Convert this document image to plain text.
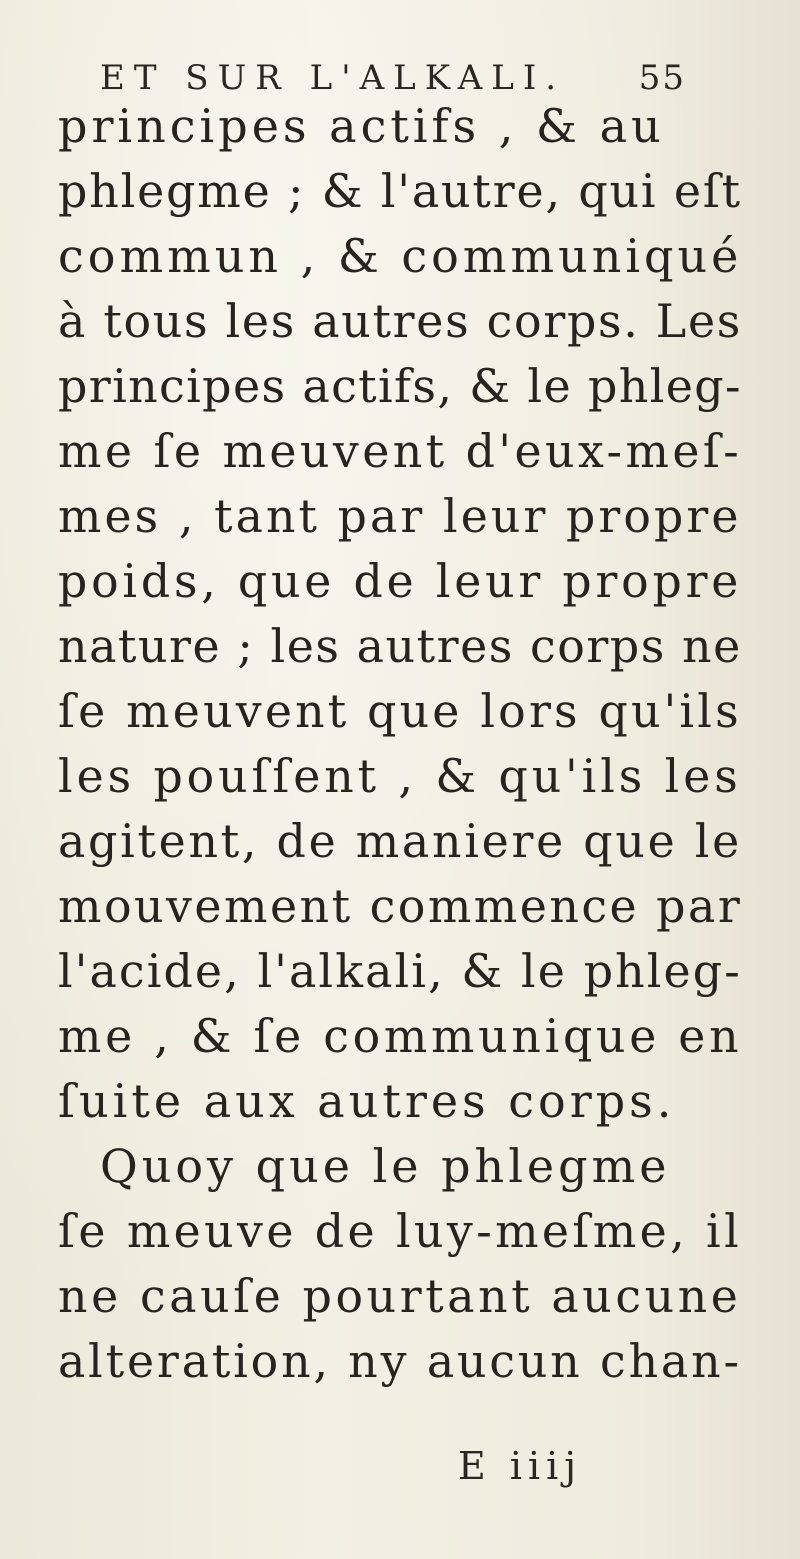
ET SUR L'ALKALI. 55
principes actifs , & au
phlegme ; & l'autre, qui eſt
commun , & communiqué
à tous les autres corps. Les
principes actifs, & le phleg-
me ſe meuvent d'eux-meſ-
mes , tant par leur propre
poids, que de leur propre
nature ; les autres corps ne
ſe meuvent que lors qu'ils
les pouſſent , & qu'ils les
agitent, de maniere que le
mouvement commence par
l'acide, l'alkali, & le phleg-
me , & ſe communique en
ſuite aux autres corps.
Quoy que le phlegme
ſe meuve de luy-meſme, il
ne cauſe pourtant aucune
alteration, ny aucun chan-
E iiij
